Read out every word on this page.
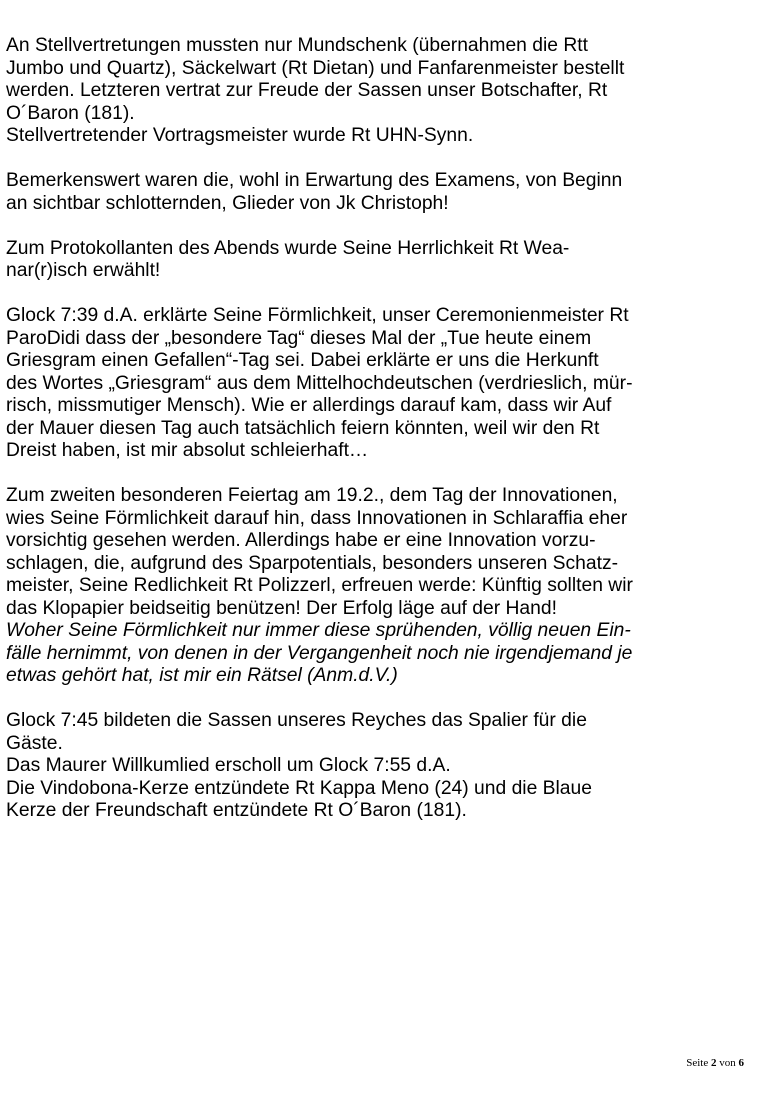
An Stellvertretungen mussten nur Mundschenk (übernahmen die Rtt
Jumbo und Quartz), Säckelwart (Rt Dietan) und Fanfarenmeister bestellt
werden. Letzteren vertrat zur Freude der Sassen unser Botschafter, Rt
O´Baron (181).
Stellvertretender Vortragsmeister wurde Rt UHN-Synn.
Bemerkenswert waren die, wohl in Erwartung des Examens, von Beginn
an sichtbar schlotternden, Glieder von Jk Christoph!
Zum Protokollanten des Abends wurde Seine Herrlichkeit Rt Wea-
nar(r)isch erwählt!
Glock 7:39 d.A. erklärte Seine Förmlichkeit, unser Ceremonienmeister Rt
ParoDidi dass der „besondere Tag“ dieses Mal der „Tue heute einem
Griesgram einen Gefallen“-Tag sei. Dabei erklärte er uns die Herkunft
des Wortes „Griesgram“ aus dem Mittelhochdeutschen (verdrieslich, mür-
risch, missmutiger Mensch). Wie er allerdings darauf kam, dass wir Auf
der Mauer diesen Tag auch tatsächlich feiern könnten, weil wir den Rt
Dreist haben, ist mir absolut schleierhaft…
Zum zweiten besonderen Feiertag am 19.2., dem Tag der Innovationen,
wies Seine Förmlichkeit darauf hin, dass Innovationen in Schlaraffia eher
vorsichtig gesehen werden. Allerdings habe er eine Innovation vorzu-
schlagen, die, aufgrund des Sparpotentials, besonders unseren Schatz-
meister, Seine Redlichkeit Rt Polizzerl, erfreuen werde: Künftig sollten wir
das Klopapier beidseitig benützen! Der Erfolg läge auf der Hand!
Woher Seine Förmlichkeit nur immer diese sprühenden, völlig neuen Ein-
fälle hernimmt, von denen in der Vergangenheit noch nie irgendjemand je
etwas gehört hat, ist mir ein Rätsel (Anm.d.V.)
Glock 7:45 bildeten die Sassen unseres Reyches das Spalier für die
Gäste.
Das Maurer Willkumlied erscholl um Glock 7:55 d.A.
Die Vindobona-Kerze entzündete Rt Kappa Meno (24) und die Blaue
Kerze der Freundschaft entzündete Rt O´Baron (181).
Seite 2 von 6
